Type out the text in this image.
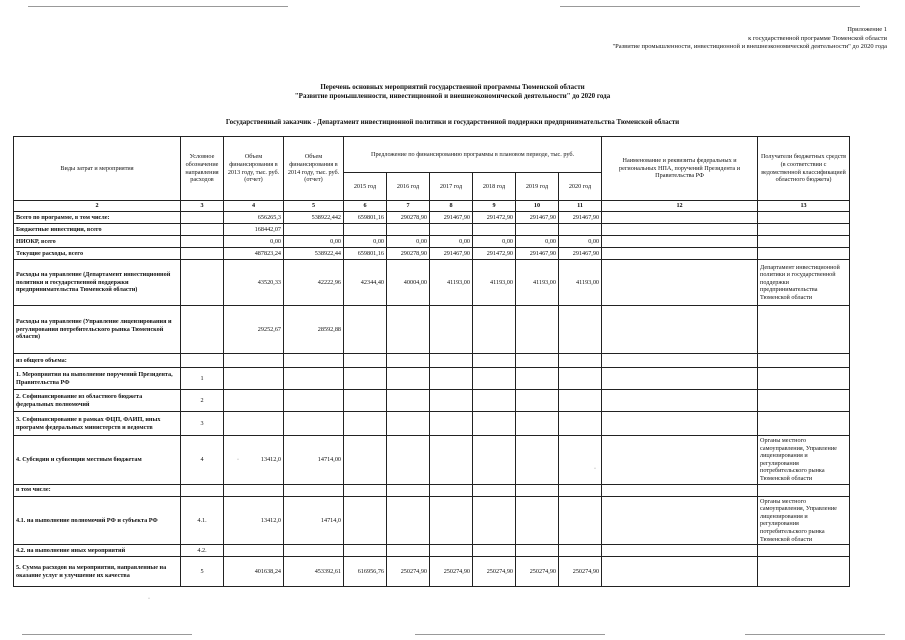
Приложение 1
к государственной программе Тюменской области
"Развитие промышленности, инвестиционной и внешнеэкономической деятельности" до 2020 года
Перечень основных мероприятий государственной программы Тюменской области
"Развитие промышленности, инвестиционной и внешнеэкономической деятельности" до 2020 года
Государственный заказчик - Департамент инвестиционной политики и государственной поддержки предпринимательства Тюменской области
Виды затрат и мероприятия	Условное обозначение направления расходов	Объем финансирования в 2013 году, тыс. руб. (отчет)	Объем финансирования в 2014 году, тыс. руб. (отчет)	Предложение по финансированию программы в плановом периоде, тыс. руб.						Наименование и реквизиты федеральных и региональных НПА, поручений Президента и Правительства РФ	Получатели бюджетных средств (в соответствии с ведомственной классификацией областного бюджета)
				2015 год	2016 год	2017 год	2018 год	2019 год	2020 год		
2	3	4	5	6	7	8	9	10	11	12	13
Всего по программе, в том числе:		656265,3	538922,442	659801,16	290278,90	291467,90	291472,90	291467,90	291467,90		
Бюджетные инвестиции, всего		168442,07									
НИОКР, всего		0,00	0,00	0,00	0,00	0,00	0,00	0,00	0,00		
Текущие расходы, всего		487823,24	538922,44	659801,16	290278,90	291467,90	291472,90	291467,90	291467,90		
Расходы на управление (Департамент инвестиционной политики и государственной поддержки предпринимательства Тюменской области)		43520,33	42222,96	42344,40	40004,00	41193,00	41193,00	41193,00	41193,00		Департамент инвестиционной политики и государственной поддержки предпринимательства Тюменской области
Расходы на управление (Управление лицензирования и регулирования потребительского рынка Тюменской области)		29252,67	28592,88								
из общего объема:											
1. Мероприятия на выполнение поручений Президента, Правительства РФ	1										
2. Софинансирование из областного бюджета федеральных полномочий	2										
3. Софинансирование в рамках ФЦП, ФАИП, иных программ федеральных министерств и ведомств	3										
4. Субсидии и субвенции местным бюджетам	4	13412,0	14714,00								Органы местного самоуправления, Управление лицензирования и регулирования потребительского рынка Тюменской области
в том числе:											
4.1. на выполнение полномочий РФ и субъекта РФ	4.1.	13412,0	14714,0								Органы местного самоуправления, Управление лицензирования и регулирования потребительского рынка Тюменской области
4.2. на выполнение иных мероприятий	4.2.										
5. Сумма расходов на мероприятия, направленные на оказание услуг и улучшение их качества	5	401638,24	453392,61	616956,76	250274,90	250274,90	250274,90	250274,90	250274,90		
·
·
·
